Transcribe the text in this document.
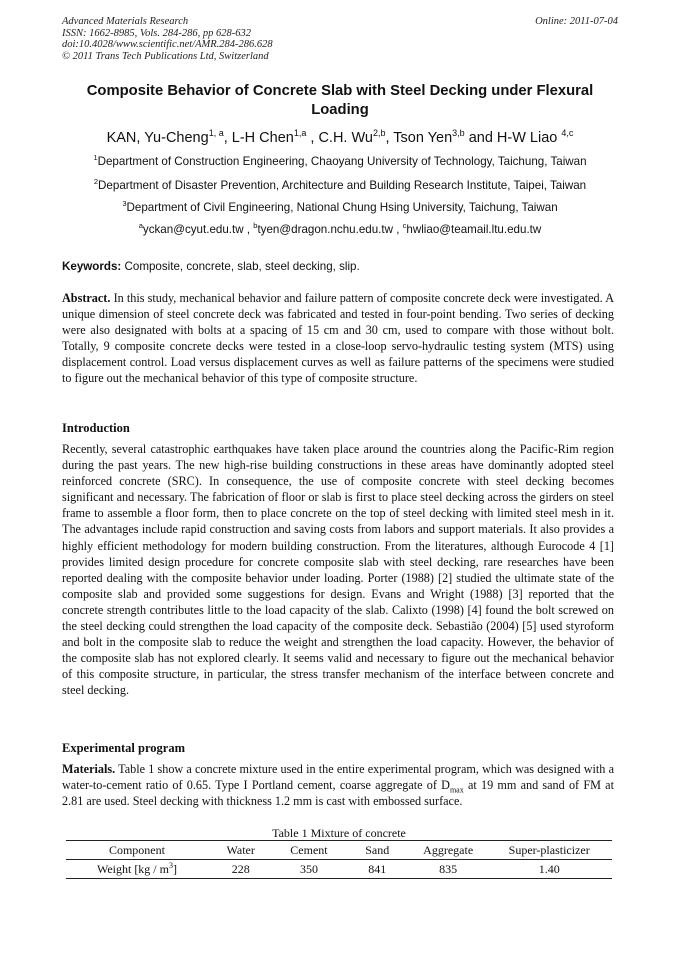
Advanced Materials Research
ISSN: 1662-8985, Vols. 284-286, pp 628-632
doi:10.4028/www.scientific.net/AMR.284-286.628
© 2011 Trans Tech Publications Ltd, Switzerland
Online: 2011-07-04
Composite Behavior of Concrete Slab with Steel Decking under Flexural Loading
KAN, Yu-Cheng$^{1, a}$, L-H Chen$^{1,a}$ , C.H. Wu$^{2,b}$, Tson Yen$^{3,b}$ and H-W Liao $^{4,c}$
$^1$Department of Construction Engineering, Chaoyang University of Technology, Taichung, Taiwan
$^2$Department of Disaster Prevention, Architecture and Building Research Institute, Taipei, Taiwan
$^3$Department of Civil Engineering, National Chung Hsing University, Taichung, Taiwan
$^a$yckan@cyut.edu.tw , $^b$tyen@dragon.nchu.edu.tw , $^c$hwliao@teamail.ltu.edu.tw
Keywords: Composite, concrete, slab, steel decking, slip.
Abstract. In this study, mechanical behavior and failure pattern of composite concrete deck were investigated. A unique dimension of steel concrete deck was fabricated and tested in four-point bending. Two series of decking were also designated with bolts at a spacing of 15 cm and 30 cm, used to compare with those without bolt. Totally, 9 composite concrete decks were tested in a close-loop servo-hydraulic testing system (MTS) using displacement control. Load versus displacement curves as well as failure patterns of the specimens were studied to figure out the mechanical behavior of this type of composite structure.
Introduction
Recently, several catastrophic earthquakes have taken place around the countries along the Pacific-Rim region during the past years. The new high-rise building constructions in these areas have dominantly adopted steel reinforced concrete (SRC). In consequence, the use of composite concrete with steel decking becomes significant and necessary. The fabrication of floor or slab is first to place steel decking across the girders on steel frame to assemble a floor form, then to place concrete on the top of steel decking with limited steel mesh in it. The advantages include rapid construction and saving costs from labors and support materials. It also provides a highly efficient methodology for modern building construction. From the literatures, although Eurocode 4 [1] provides limited design procedure for concrete composite slab with steel decking, rare researches have been reported dealing with the composite behavior under loading. Porter (1988) [2] studied the ultimate state of the composite slab and provided some suggestions for design. Evans and Wright (1988) [3] reported that the concrete strength contributes little to the load capacity of the slab. Calixto (1998) [4] found the bolt screwed on the steel decking could strengthen the load capacity of the composite deck. Sebastião (2004) [5] used styroform and bolt in the composite slab to reduce the weight and strengthen the load capacity. However, the behavior of the composite slab has not explored clearly. It seems valid and necessary to figure out the mechanical behavior of this composite structure, in particular, the stress transfer mechanism of the interface between concrete and steel decking.
Experimental program
Materials. Table 1 show a concrete mixture used in the entire experimental program, which was designed with a water-to-cement ratio of 0.65. Type I Portland cement, coarse aggregate of $D_{max}$ at 19 mm and sand of FM at 2.81 are used. Steel decking with thickness 1.2 mm is cast with embossed surface.
Table 1 Mixture of concrete
Component	Water	Cement	Sand	Aggregate	Super-plasticizer
Weight $[kg / m^3]$	228	350	841	835	1.40
